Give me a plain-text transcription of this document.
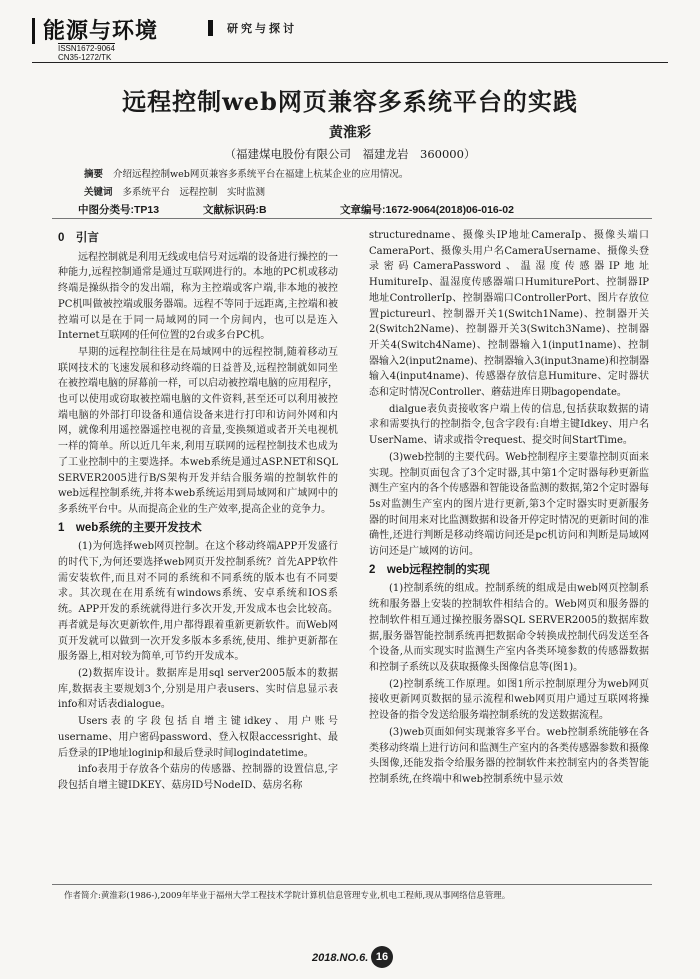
能源与环境
ISSN1672-9064
CN35-1272/TK
研究与探讨
远程控制web网页兼容多系统平台的实践
黄淮彩
（福建煤电股份有限公司　福建龙岩　360000）
摘要 介绍远程控制web网页兼容多系统平台在福建上杭某企业的应用情况。
关键词 多系统平台　远程控制　实时监测
中图分类号:TP13	文献标识码:B	文章编号:1672-9064(2018)06-016-02
0　引言

远程控制就是利用无线或电信号对远端的设备进行操控的一种能力,远程控制通常是通过互联网进行的。本地的PC机或移动终端是操纵指令的发出端，称为主控端或客户端,非本地的被控PC机叫做被控端或服务器端。远程不等同于远距离,主控端和被控端可以是在于同一局域网的同一个房间内，也可以是连入Internet互联网的任何位置的2台或多台PC机。

早期的远程控制往往是在局域网中的远程控制,随着移动互联网技术的飞速发展和移动终端的日益普及,远程控制就如同坐在被控端电脑的屏幕前一样，可以启动被控端电脑的应用程序，也可以使用或窃取被控端电脑的文件资料,甚至还可以利用被控端电脑的外部打印设备和通信设备来进行打印和访问外网和内网，就像利用遥控器遥控电视的音量,变换频道或者开关电视机一样的简单。所以近几年来,利用互联网的远程控制技术也成为了工业控制中的主要选择。本web系统是通过ASP.NET和SQL SERVER2005进行B/S架构开发并结合服务端的控制软件的web远程控制系统,并将本web系统运用到局域网和广域网中的多系统平台中。从而提高企业的生产效率,提高企业的竞争力。

1　web系统的主要开发技术

(1)为何选择web网页控制。在这个移动终端APP开发盛行的时代下,为何还要选择web网页开发控制系统？首先APP软件需安装软件,而且对不同的系统和不同系统的版本也有不同要求。其次现在在用系统有windows系统、安卓系统和IOS系统。APP开发的系统就得进行多次开发,开发成本也会比较高。再者就是每次更新软件,用户都得跟着重新更新软件。而Web网页开发就可以做到一次开发多版本多系统,使用、维护更新都在服务器上,相对较为简单,可节约开发成本。

(2)数据库设计。数据库是用sql server2005版本的数据库,数据表主要规划3个,分别是用户表users、实时信息显示表info和对话表dialogue。

Users表的字段包括自增主键idkey、用户账号username、用户密码password、登入权限accessright、最后登录的IP地址loginip和最后登录时间logindatetime。

info表用于存放各个菇房的传感器、控制器的设置信息,字段包括自增主键IDKEY、菇房ID号NodeID、菇房名称

structurednamе、摄像头IP地址CameraIp、摄像头端口CameraPort、摄像头用户名CameraUsername、摄像头登录密码CameraPassword、温湿度传感器IP地址HumitureIp、温湿度传感器端口HumiturePort、控制器IP地址ControllerIp、控制器端口ControllerPort、图片存放位置pictureurl、控制器开关1(Switch1Name)、控制器开关2(Switch2Name)、控制器开关3(Switch3Name)、控制器开关4(Switch4Name)、控制器输入1(input1name)、控制器输入2(input2name)、控制器输入3(input3name)和控制器输入4(input4name)、传感器存放信息Humiture、定时器状态和定时情况Controller、蘑菇进库日期bagopendate。

dialgue表负责接收客户端上传的信息,包括获取数据的请求和需要执行的控制指令,包含字段有:自增主键Idkey、用户名UserName、请求或指令request、提交时间StartTime。

(3)web控制的主要代码。Web控制程序主要靠控制页面来实现。控制页面包含了3个定时器,其中第1个定时器每秒更新监测生产室内的各个传感器和智能设备监测的数据,第2个定时器每5s对监测生产室内的图片进行更新,第3个定时器实时更新服务器的时间用来对比监测数据和设备开停定时情况的更新时间的准确性,还进行判断是移动终端访问还是pc机访问和判断是局域网访问还是广域网的访问。

2　web远程控制的实现

(1)控制系统的组成。控制系统的组成是由web网页控制系统和服务器上安装的控制软件相结合的。Web网页和服务器的控制软件相互通过操控服务器SQL SERVER2005的数据库数据,服务器智能控制系统再把数据命令转换成控制代码发送至各个设备,从而实现实时监测生产室内各类环境参数的传感器数据和控制子系统以及获取摄像头图像信息等(图1)。

(2)控制系统工作原理。如图1所示控制原理分为web网页接收更新网页数据的显示流程和web网页用户通过互联网将操控设备的指令发送给服务端控制系统的发送数据流程。

(3)web页面如何实现兼容多平台。web控制系统能够在各类移动终端上进行访问和监测生产室内的各类传感器参数和摄像头图像,还能发指令给服务器的控制软件来控制室内的各类智能控制系统,在终端中和web控制系统中显示效

作者简介:黄淮彩(1986-),2009年毕业于福州大学工程技术学院计算机信息管理专业,机电工程师,现从事网络信息管理。
2018.NO.6. 16
